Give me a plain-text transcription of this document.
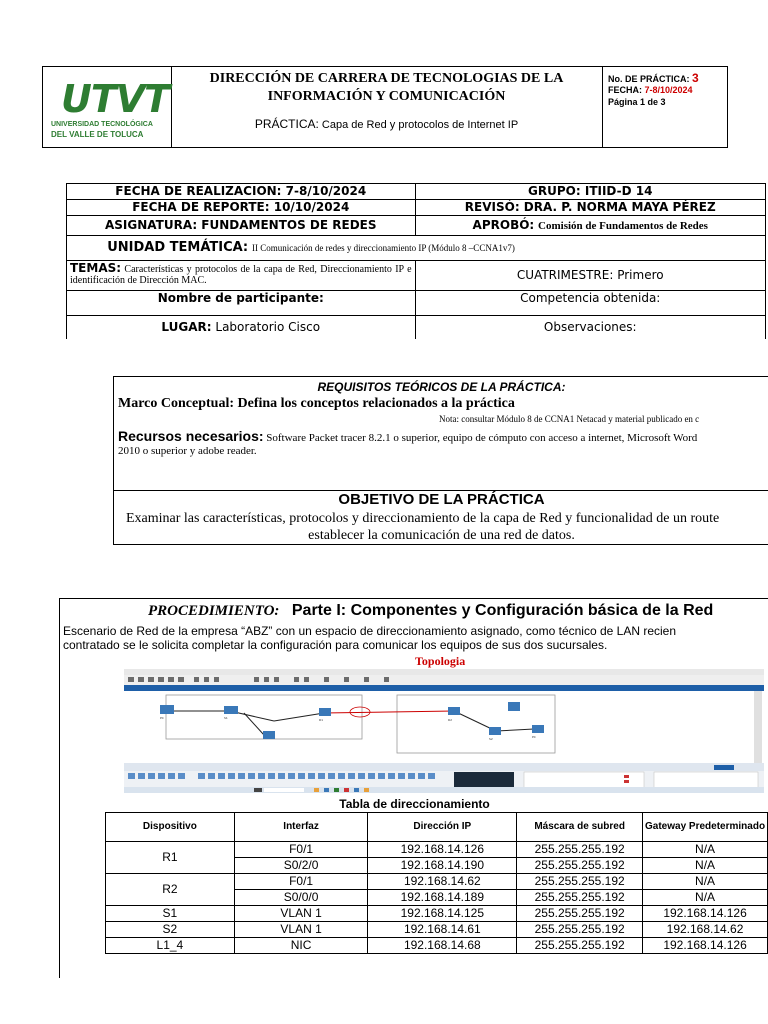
UTVT
UNIVERSIDAD TECNOLÓGICA
DEL VALLE DE TOLUCA
DIRECCIÓN DE CARRERA DE TECNOLOGIAS DE LA
INFORMACIÓN Y COMUNICACIÓN
PRÁCTICA: Capa de Red y protocolos de Internet IP
No. DE PRÁCTICA: 3
FECHA: 7-8/10/2024
Página 1 de 3
FECHA DE REALIZACION: 7-8/10/2024	GRUPO: ITIID-D 14
FECHA DE REPORTE: 10/10/2024	REVISÓ: DRA. P. NORMA MAYA PÉREZ
ASIGNATURA: FUNDAMENTOS DE REDES	APROBÓ: Comisión de Fundamentos de Redes
UNIDAD TEMÁTICA: II Comunicación de redes y direccionamiento IP (Módulo 8 –CCNA1v7)	

TEMAS: Características y protocolos de la capa de Red, Direccionamiento IP e identificación de Dirección MAC.	CUATRIMESTRE: Primero
Nombre de participante:	Competencia obtenida:
LUGAR: Laboratorio Cisco	Observaciones:
REQUISITOS TEÓRICOS DE LA PRÁCTICA:
Marco Conceptual: Defina los conceptos relacionados a la práctica
Nota: consultar Módulo 8 de CCNA1 Netacad y material publicado en c
Recursos necesarios: Software Packet tracer 8.2.1 o superior, equipo de cómputo con acceso a internet, Microsoft Word
2010 o superior y adobe reader.
OBJETIVO DE LA PRÁCTICA
Examinar las características, protocolos y direccionamiento de la capa de Red y funcionalidad de un route
establecer la comunicación de una red de datos.
PROCEDIMIENTO: Parte I: Componentes y Configuración básica de la Red
Escenario de Red de la empresa “ABZ” con un espacio de direccionamiento asignado, como técnico de LAN recien
contratado se le solicita completar la configuración para comunicar los equipos de sus dos sucursales.
Topologia
PC	S1	R1	R2
S2	PC
Tabla de direccionamiento
Dispositivo	Interfaz	Dirección IP	Máscara de subred	Gateway Predeterminado
R1	F0/1	192.168.14.126	255.255.255.192	N/A
	S0/2/0	192.168.14.190	255.255.255.192	N/A
R2	F0/1	192.168.14.62	255.255.255.192	N/A
	S0/0/0	192.168.14.189	255.255.255.192	N/A
S1	VLAN 1	192.168.14.125	255.255.255.192	192.168.14.126
S2	VLAN 1	192.168.14.61	255.255.255.192	192.168.14.62
L1_4	NIC	192.168.14.68	255.255.255.192	192.168.14.126
